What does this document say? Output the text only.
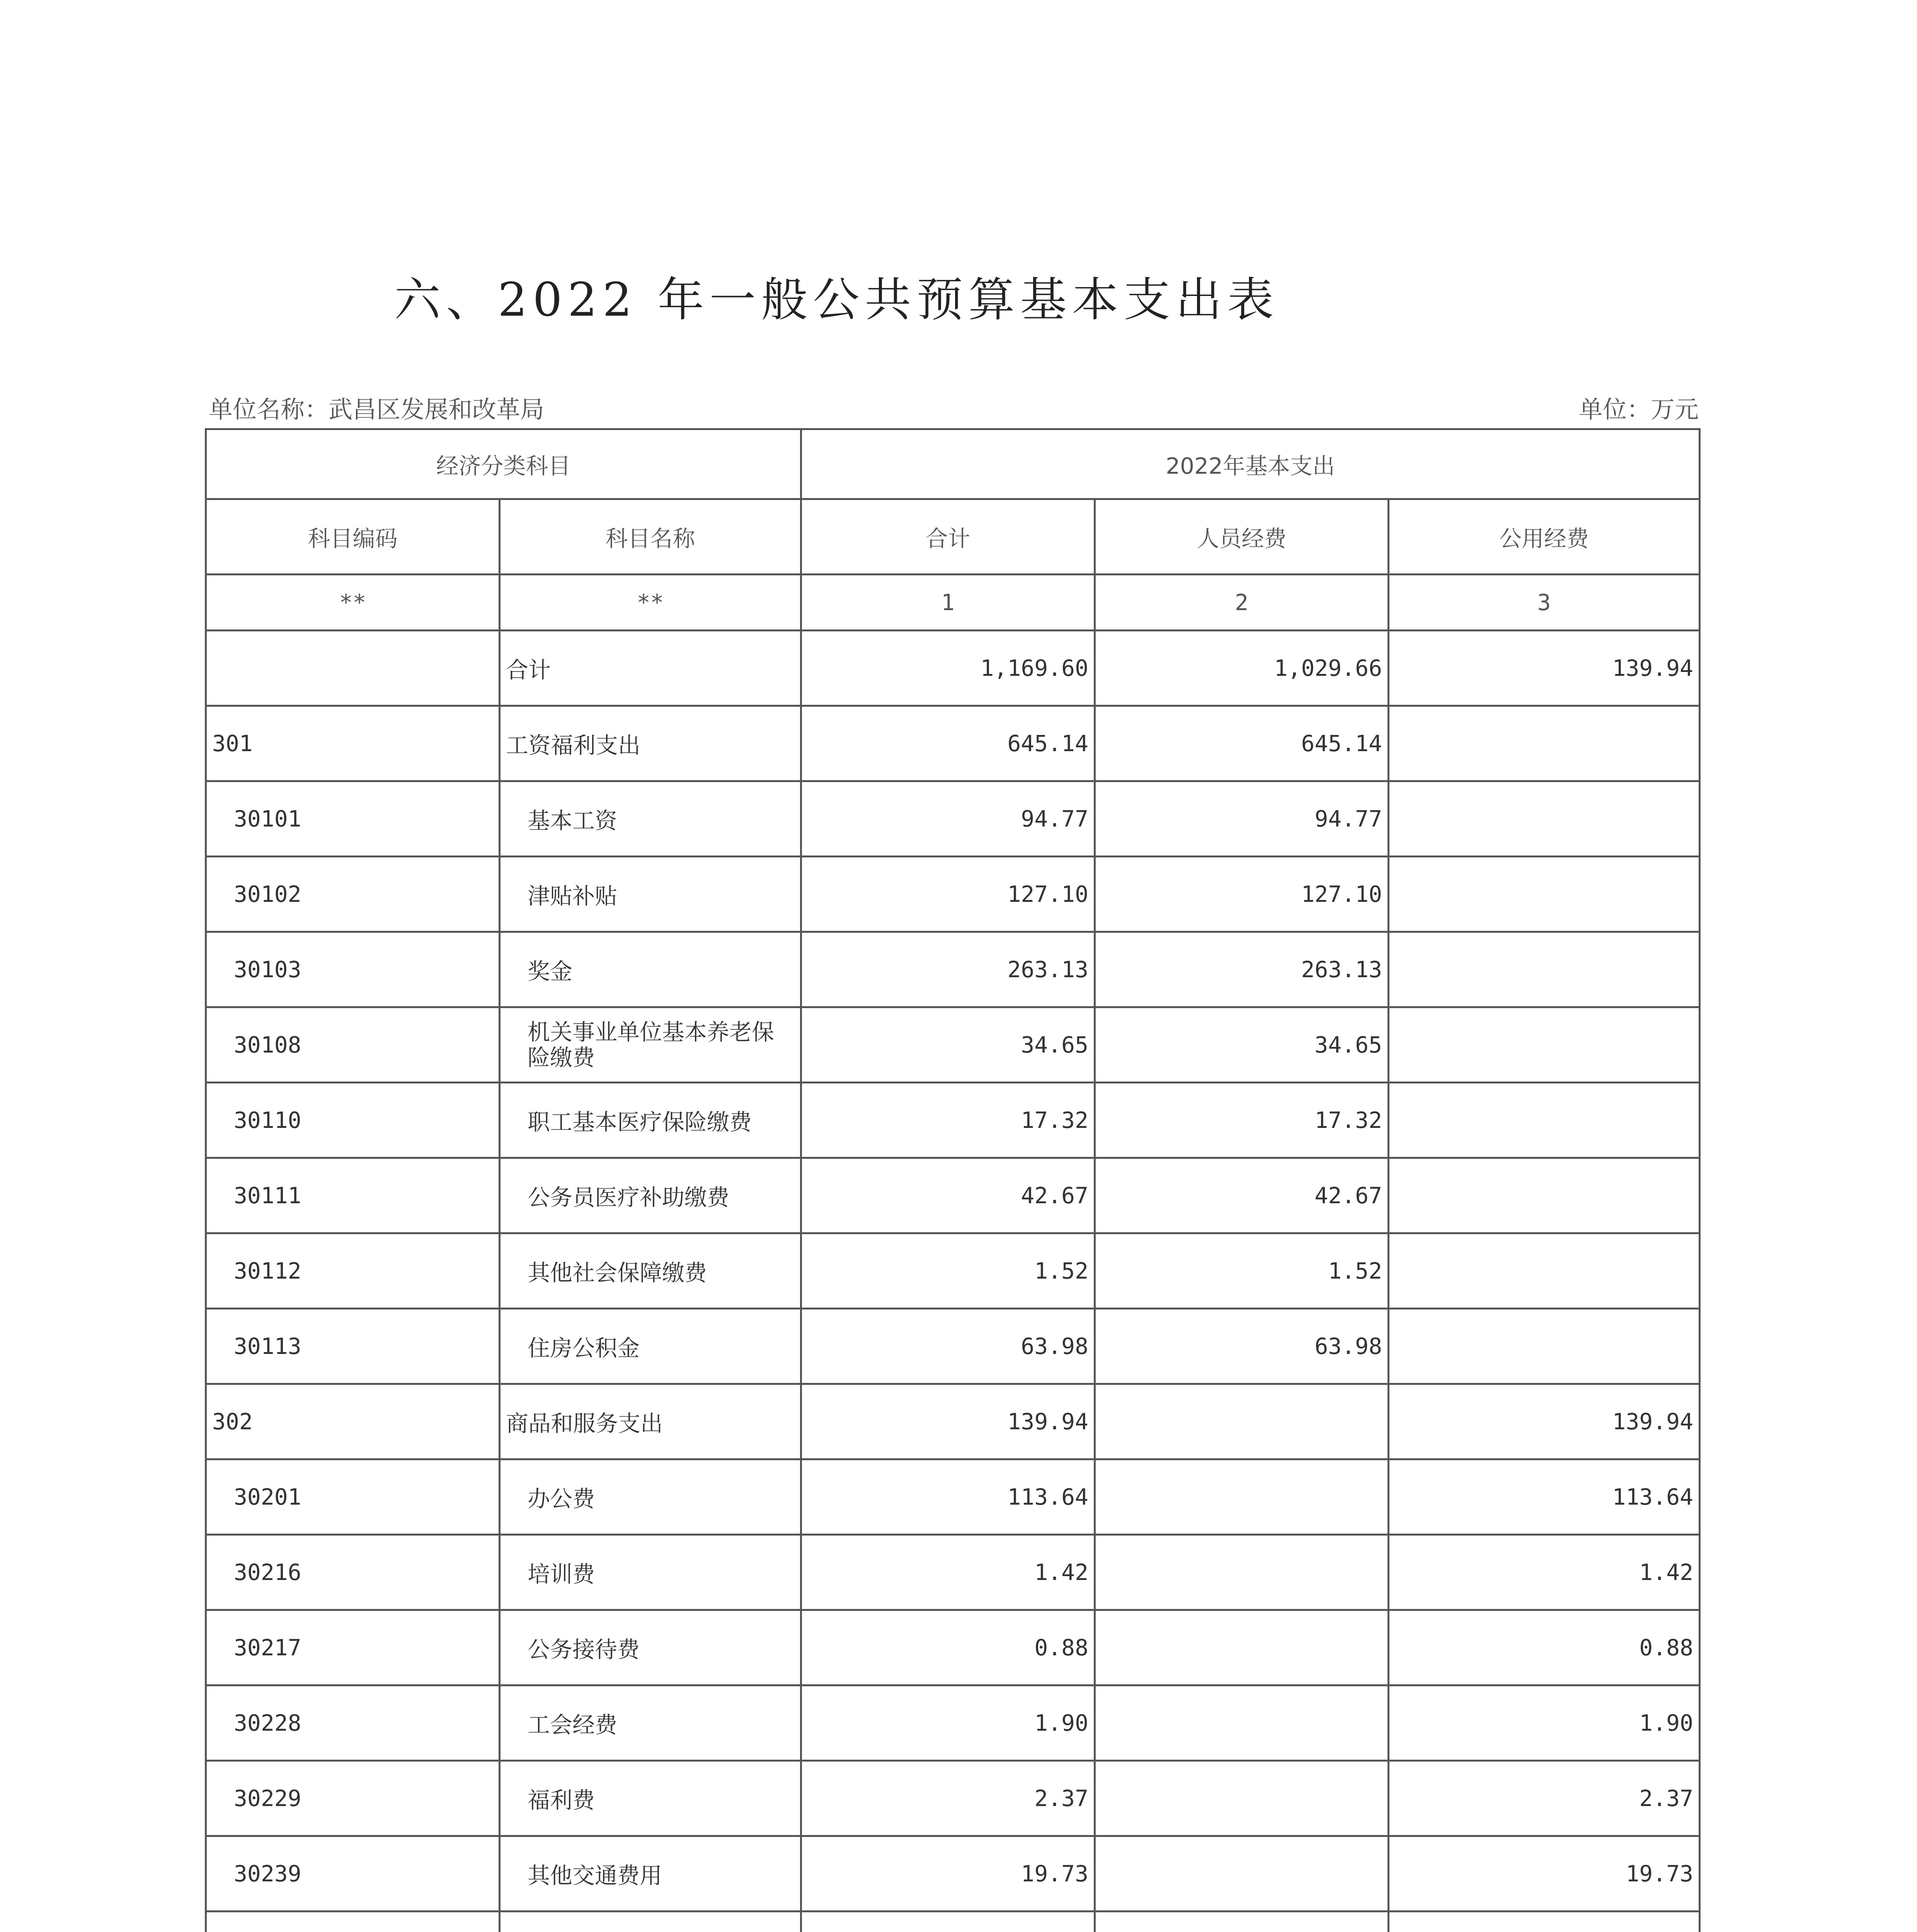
六、2022 年一般公共预算基本支出表
单位名称：武昌区发展和改革局	单位：万元
经济分类科目		2022年基本支出		
科目编码	科目名称	合计	人员经费	公用经费
**	**	1	2	3
	合计	1,169.60	1,029.66	139.94
301	工资福利支出	645.14	645.14	
30101	基本工资	94.77	94.77	
30102	津贴补贴	127.10	127.10	
30103	奖金	263.13	263.13	
30108	机关事业单位基本养老保险缴费	34.65	34.65	
30110	职工基本医疗保险缴费	17.32	17.32	
30111	公务员医疗补助缴费	42.67	42.67	
30112	其他社会保障缴费	1.52	1.52	
30113	住房公积金	63.98	63.98	
302	商品和服务支出	139.94		139.94
30201	办公费	113.64		113.64
30216	培训费	1.42		1.42
30217	公务接待费	0.88		0.88
30228	工会经费	1.90		1.90
30229	福利费	2.37		2.37
30239	其他交通费用	19.73		19.73
